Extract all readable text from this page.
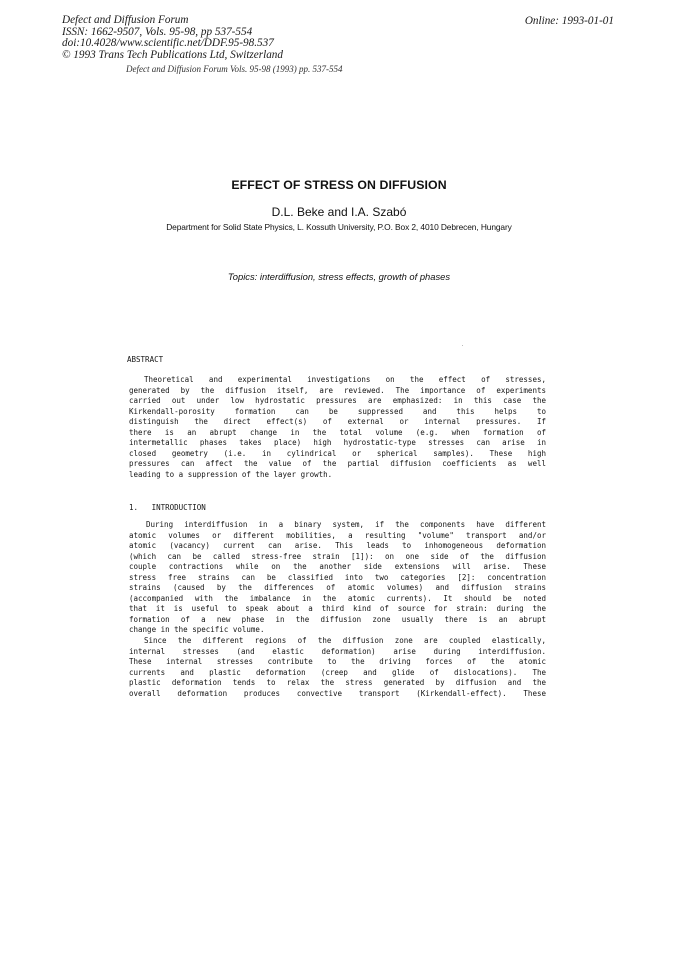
Defect and Diffusion Forum
ISSN: 1662-9507, Vols. 95-98, pp 537-554
doi:10.4028/www.scientific.net/DDF.95-98.537
© 1993 Trans Tech Publications Ltd, Switzerland
Online: 1993-01-01
Defect and Diffusion Forum Vols. 95-98 (1993) pp. 537-554
EFFECT OF STRESS ON DIFFUSION
D.L. Beke and I.A. Szabó
Department for Solid State Physics, L. Kossuth University, P.O. Box 2, 4010 Debrecen, Hungary
Topics: interdiffusion, stress effects, growth of phases
ABSTRACT
Theoretical and experimental investigations on the effect of stresses,
generated by the diffusion itself, are reviewed. The importance of experiments
carried out under low hydrostatic pressures are emphasized: in this case the
Kirkendall-porosity formation can be suppressed and this helps to
distinguish the direct effect(s) of external or internal pressures. If
there is an abrupt change in the total volume (e.g. when formation of
intermetallic phases takes place) high hydrostatic-type stresses can arise in
closed geometry (i.e. in cylindrical or spherical samples). These high
pressures can affect the value of the partial diffusion coefficients as well
leading to a suppression of the layer growth.
1. INTRODUCTION
During interdiffusion in a binary system, if the components have different
atomic volumes or different mobilities, a resulting "volume" transport and/or
atomic (vacancy) current can arise. This leads to inhomogeneous deformation
(which can be called stress-free strain [1]): on one side of the diffusion
couple contractions while on the another side extensions will arise. These
stress free strains can be classified into two categories [2]: concentration
strains (caused by the differences of atomic volumes) and diffusion strains
(accompanied with the imbalance in the atomic currents). It should be noted
that it is useful to speak about a third kind of source for strain: during the
formation of a new phase in the diffusion zone usually there is an abrupt
change in the specific volume.
Since the different regions of the diffusion zone are coupled elastically,
internal stresses (and elastic deformation) arise during interdiffusion.
These internal stresses contribute to the driving forces of the atomic
currents and plastic deformation (creep and glide of dislocations). The
plastic deformation tends to relax the stress generated by diffusion and the
overall deformation produces convective transport (Kirkendall-effect). These
